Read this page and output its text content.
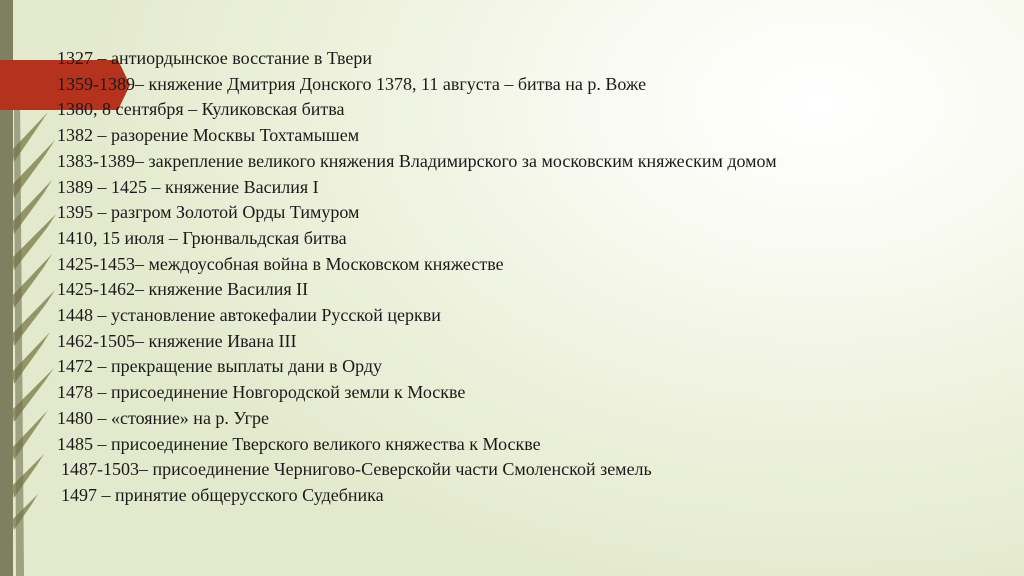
1327 – антиордынское восстание в Твери
1359-1389– княжение Дмитрия Донского 1378, 11 августа – битва на р. Воже
1380, 8 сентября – Куликовская битва
1382 – разорение Москвы Тохтамышем
1383-1389– закрепление великого княжения Владимирского за московским княжеским домом
1389 – 1425 – княжение Василия I
1395 – разгром Золотой Орды Тимуром
1410, 15 июля – Грюнвальдская битва
1425-1453– междоусобная война в Московском княжестве
1425-1462– княжение Василия II
1448 – установление автокефалии Русской церкви
1462-1505– княжение Ивана III
1472 – прекращение выплаты дани в Орду
1478 – присоединение Новгородской земли к Москве
1480 – «стояние» на р. Угре
1485 – присоединение Тверского великого княжества к Москве
1487-1503– присоединение Чернигово-Северскойи части Смоленской земель
1497 – принятие общерусского Судебника
